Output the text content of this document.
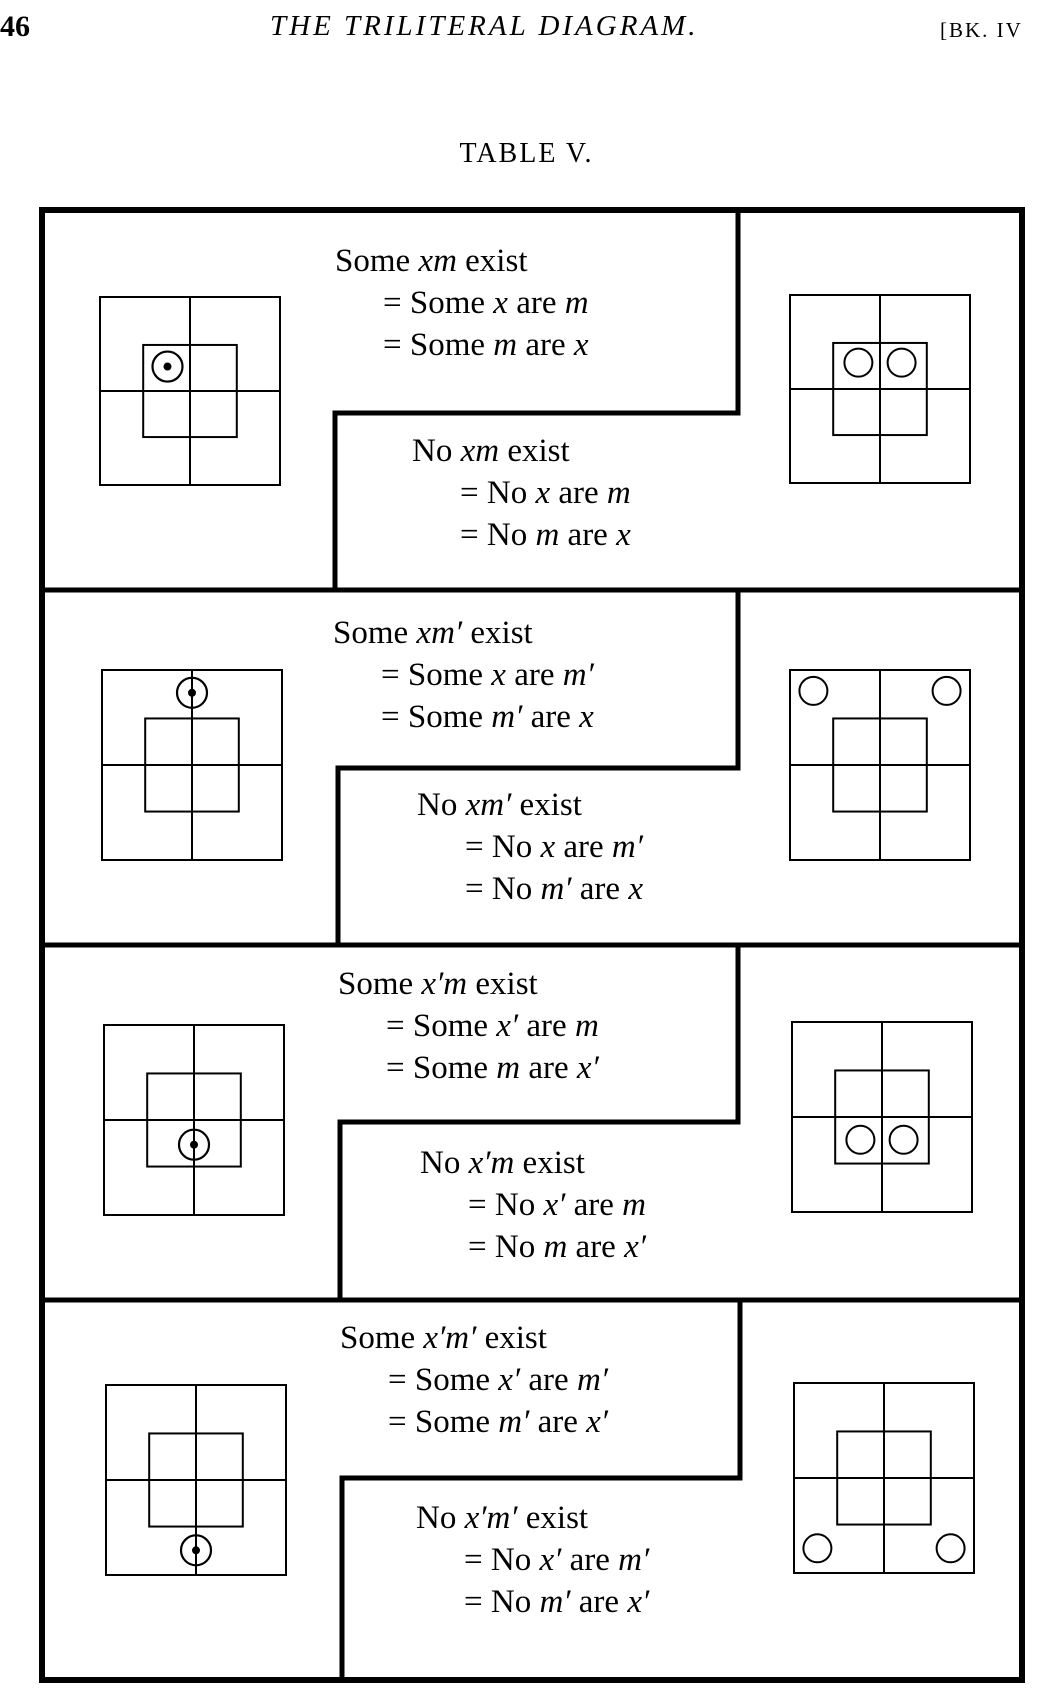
46	THE TRILITERAL DIAGRAM.	[BK. IV
TABLE V.
Some xm exist
= Some x are m
= Some m are x
No xm exist
= No x are m
= No m are x
Some xm′ exist
= Some x are m′
= Some m′ are x
No xm′ exist
= No x are m′
= No m′ are x
Some x′m exist
= Some x′ are m
= Some m are x′
No x′m exist
= No x′ are m
= No m are x′
Some x′m′ exist
= Some x′ are m′
= Some m′ are x′
No x′m′ exist
= No x′ are m′
= No m′ are x′
